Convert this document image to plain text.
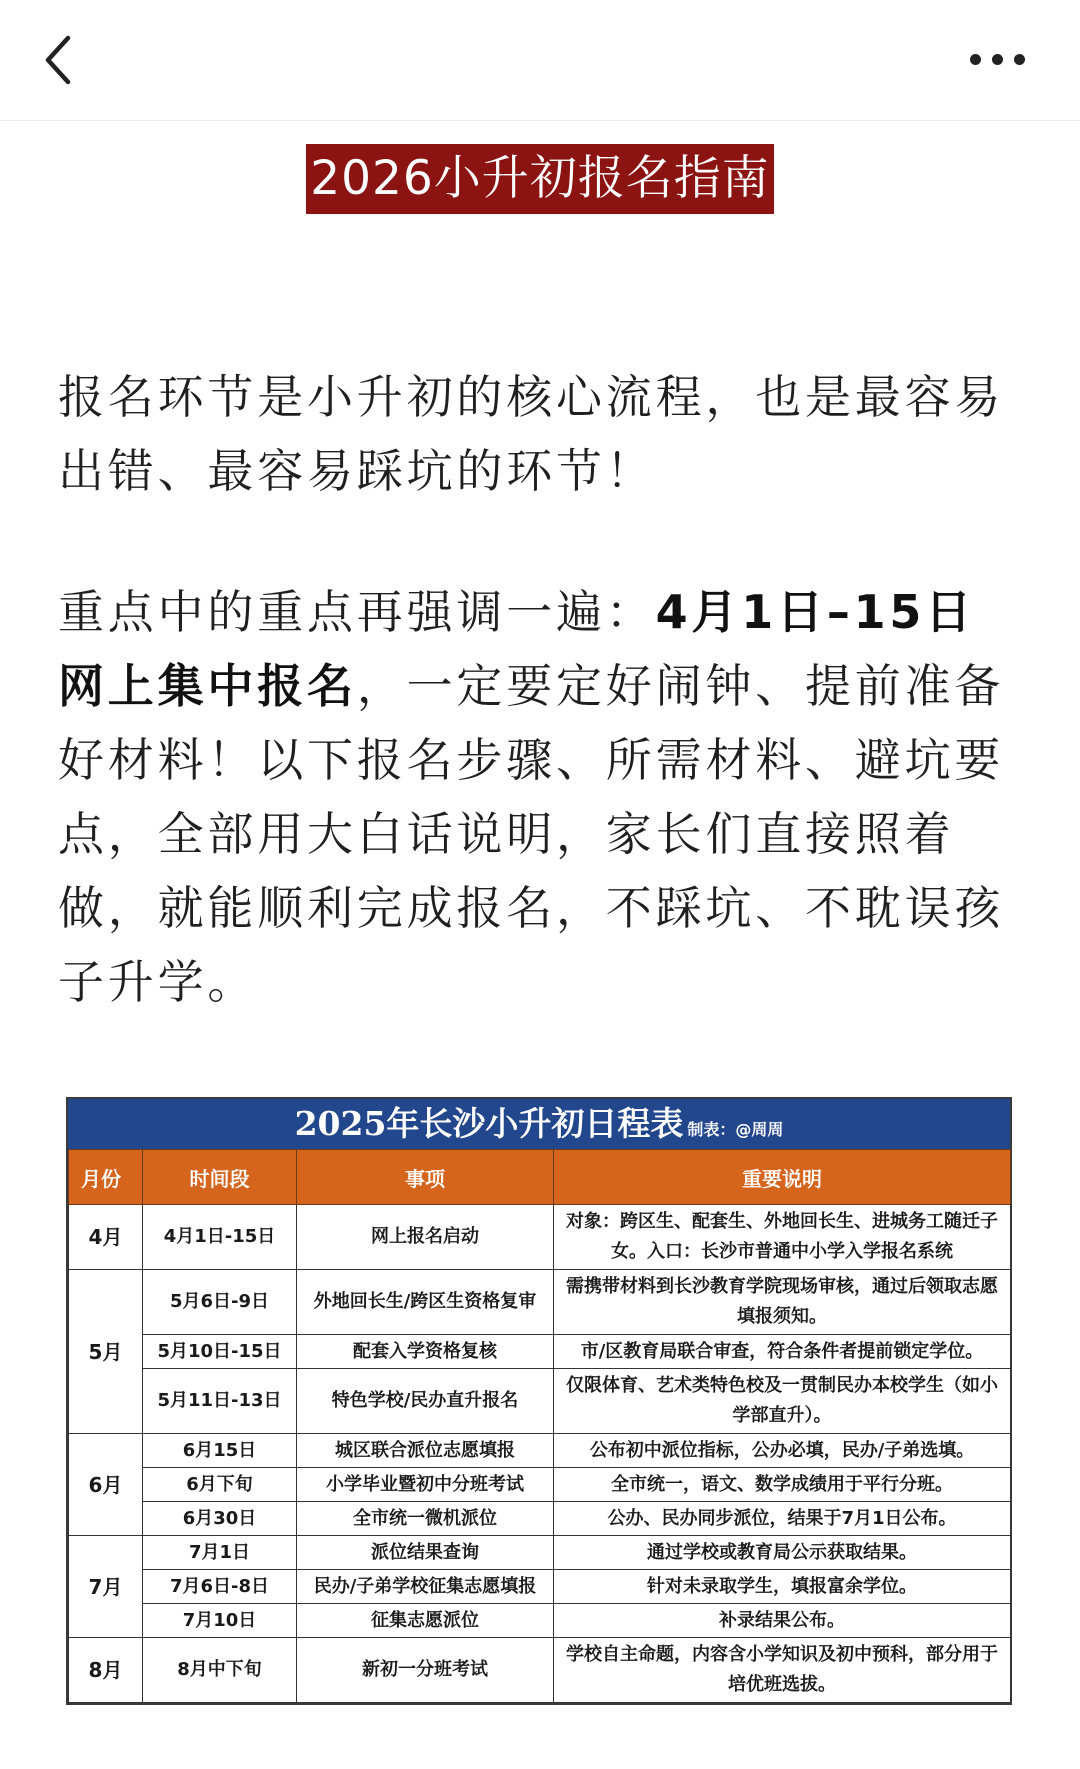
2026小升初报名指南

报名环节是小升初的核心流程，也是最容易出错、最容易踩坑的环节！

重点中的重点再强调一遍：4月1日–15日网上集中报名，一定要定好闹钟、提前准备好材料！以下报名步骤、所需材料、避坑要点，全部用大白话说明，家长们直接照着做，就能顺利完成报名，不踩坑、不耽误孩子升学。

2025年长沙小升初日程表 制表：@周周
月份	时间段	事项	重要说明
4月	4月1日-15日	网上报名启动	对象：跨区生、配套生、外地回长生、进城务工随迁子女。入口：长沙市普通中小学入学报名系统
5月	5月6日-9日	外地回长生/跨区生资格复审	需携带材料到长沙教育学院现场审核，通过后领取志愿填报须知。
	5月10日-15日	配套入学资格复核	市/区教育局联合审查，符合条件者提前锁定学位。
	5月11日-13日	特色学校/民办直升报名	仅限体育、艺术类特色校及一贯制民办本校学生（如小学部直升）。
6月	6月15日	城区联合派位志愿填报	公布初中派位指标，公办必填，民办/子弟选填。
	6月下旬	小学毕业暨初中分班考试	全市统一，语文、数学成绩用于平行分班。
	6月30日	全市统一微机派位	公办、民办同步派位，结果于7月1日公布。
7月	7月1日	派位结果查询	通过学校或教育局公示获取结果。
	7月6日-8日	民办/子弟学校征集志愿填报	针对未录取学生，填报富余学位。
	7月10日	征集志愿派位	补录结果公布。
8月	8月中下旬	新初一分班考试	学校自主命题，内容含小学知识及初中预科，部分用于培优班选拔。
